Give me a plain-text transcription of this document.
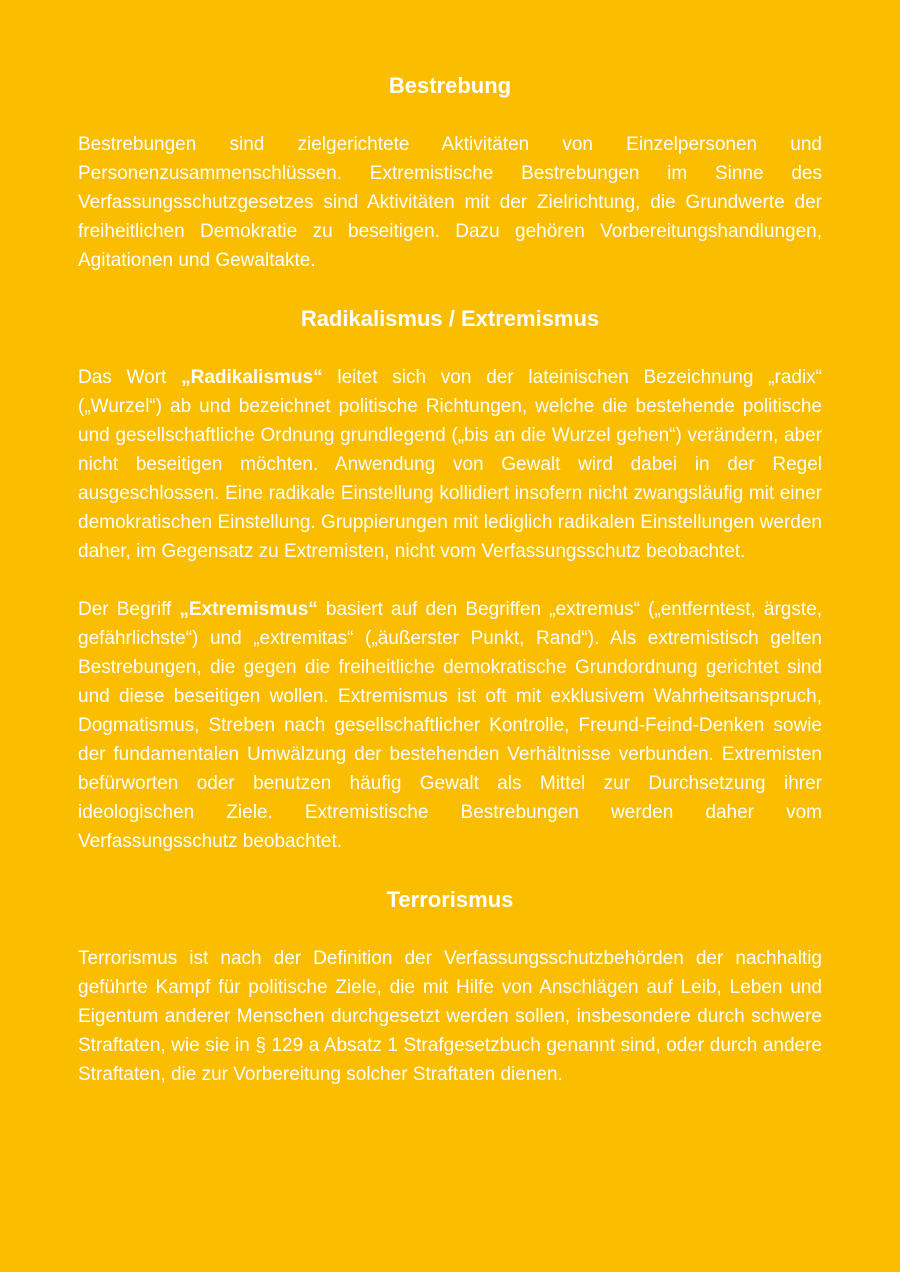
Bestrebung

Bestrebungen sind zielgerichtete Aktivitäten von Einzelpersonen und Personenzusammenschlüssen. Extremistische Bestrebungen im Sinne des Verfassungsschutzgesetzes sind Aktivitäten mit der Zielrichtung, die Grundwerte der freiheitlichen Demokratie zu beseitigen. Dazu gehören Vorbereitungshandlungen, Agitationen und Gewaltakte.

Radikalismus / Extremismus

Das Wort „Radikalismus“ leitet sich von der lateinischen Bezeichnung „radix“ („Wurzel“) ab und bezeichnet politische Richtungen, welche die bestehende politische und gesellschaftliche Ordnung grundlegend („bis an die Wurzel gehen“) verändern, aber nicht beseitigen möchten. Anwendung von Gewalt wird dabei in der Regel ausgeschlossen. Eine radikale Einstellung kollidiert insofern nicht zwangsläufig mit einer demokratischen Einstellung. Gruppierungen mit lediglich radikalen Einstellungen werden daher, im Gegensatz zu Extremisten, nicht vom Verfassungsschutz beobachtet.

Der Begriff „Extremismus“ basiert auf den Begriffen „extremus“ („entferntest, ärgste, gefährlichste“) und „extremitas“ („äußerster Punkt, Rand“). Als extremistisch gelten Bestrebungen, die gegen die freiheitliche demokratische Grundordnung gerichtet sind und diese beseitigen wollen. Extremismus ist oft mit exklusivem Wahrheitsanspruch, Dogmatismus, Streben nach gesellschaftlicher Kontrolle, Freund-Feind-Denken sowie der fundamentalen Umwälzung der bestehenden Verhältnisse verbunden. Extremisten befürworten oder benutzen häufig Gewalt als Mittel zur Durchsetzung ihrer ideologischen Ziele. Extremistische Bestrebungen werden daher vom Verfassungsschutz beobachtet.

Terrorismus

Terrorismus ist nach der Definition der Verfassungsschutzbehörden der nachhaltig geführte Kampf für politische Ziele, die mit Hilfe von Anschlägen auf Leib, Leben und Eigentum anderer Menschen durchgesetzt werden sollen, insbesondere durch schwere Straftaten, wie sie in § 129 a Absatz 1 Strafgesetzbuch genannt sind, oder durch andere Straftaten, die zur Vorbereitung solcher Straftaten dienen.
